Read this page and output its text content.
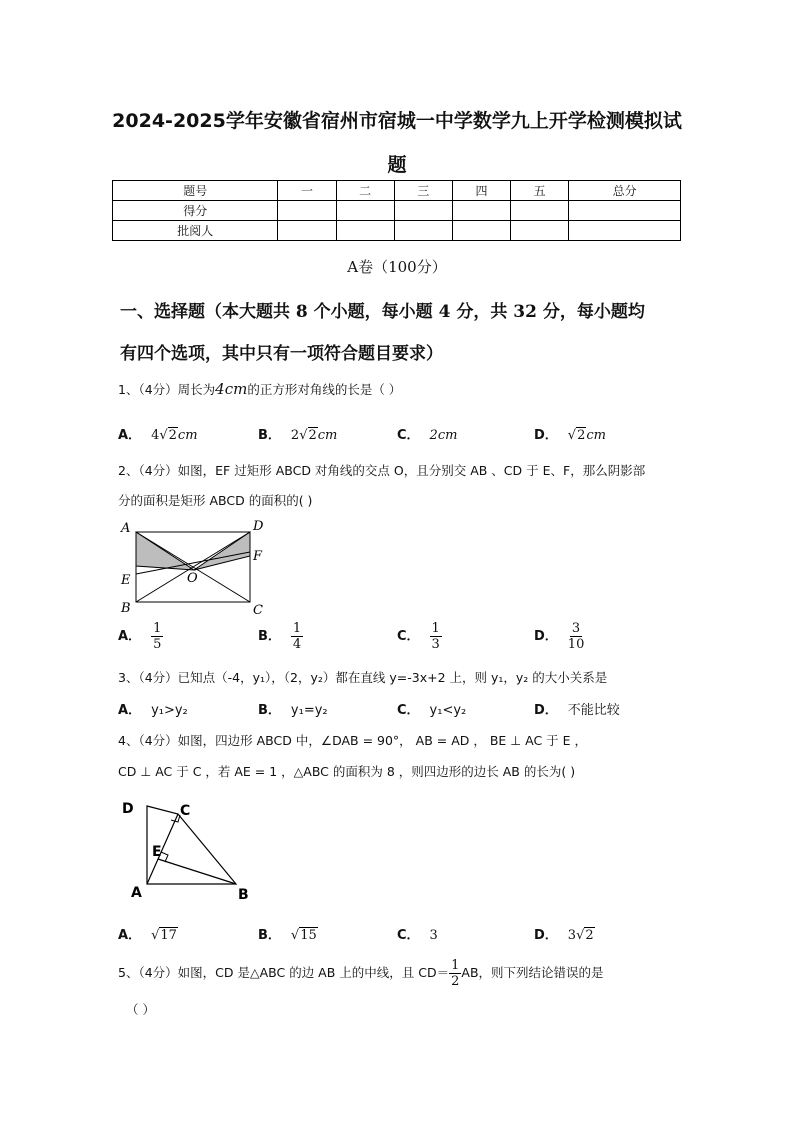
2024-2025学年安徽省宿州市宿城一中学数学九上开学检测模拟试
题
题号	一	二	三	四	五	总分
得分						
批阅人						
A卷（100分）
一、选择题（本大题共 8 个小题，每小题 4 分，共 32 分，每小题均
有四个选项，其中只有一项符合题目要求）
1、（4分）周长为4cm的正方形对角线的长是（ ）
A． 4√2cm	B． 2√2cm	C． 2cm	D． √2cm
2、（4分）如图，EF 过矩形 ABCD 对角线的交点 O，且分别交 AB 、CD 于 E、F，那么阴影部
分的面积是矩形 ABCD 的面积的( )
A	D
F
E	O
B	C
A． $\frac{1}{5}$	B． $\frac{1}{4}$	C． $\frac{1}{3}$	D． $\frac{3}{10}$
3、（4分）已知点（-4，y₁），（2，y₂）都在直线 y=-3x+2 上，则 y₁，y₂ 的大小关系是
A． y₁>y₂	B． y₁=y₂	C． y₁<y₂	D． 不能比较
4、（4分）如图，四边形 ABCD 中，∠DAB = 90°， AB = AD ， BE ⊥ AC 于 E ，
CD ⊥ AC 于 C ，若 AE = 1 ，△ABC 的面积为 8 ，则四边形的边长 AB 的长为( )
D	C
E
A	B
A． √17	B． √15	C． 3	D． 3√2
5、（4分）如图，CD 是△ABC 的边 AB 上的中线，且 $CD= \frac{1}{2}$ AB，则下列结论错误的是
（ ）
